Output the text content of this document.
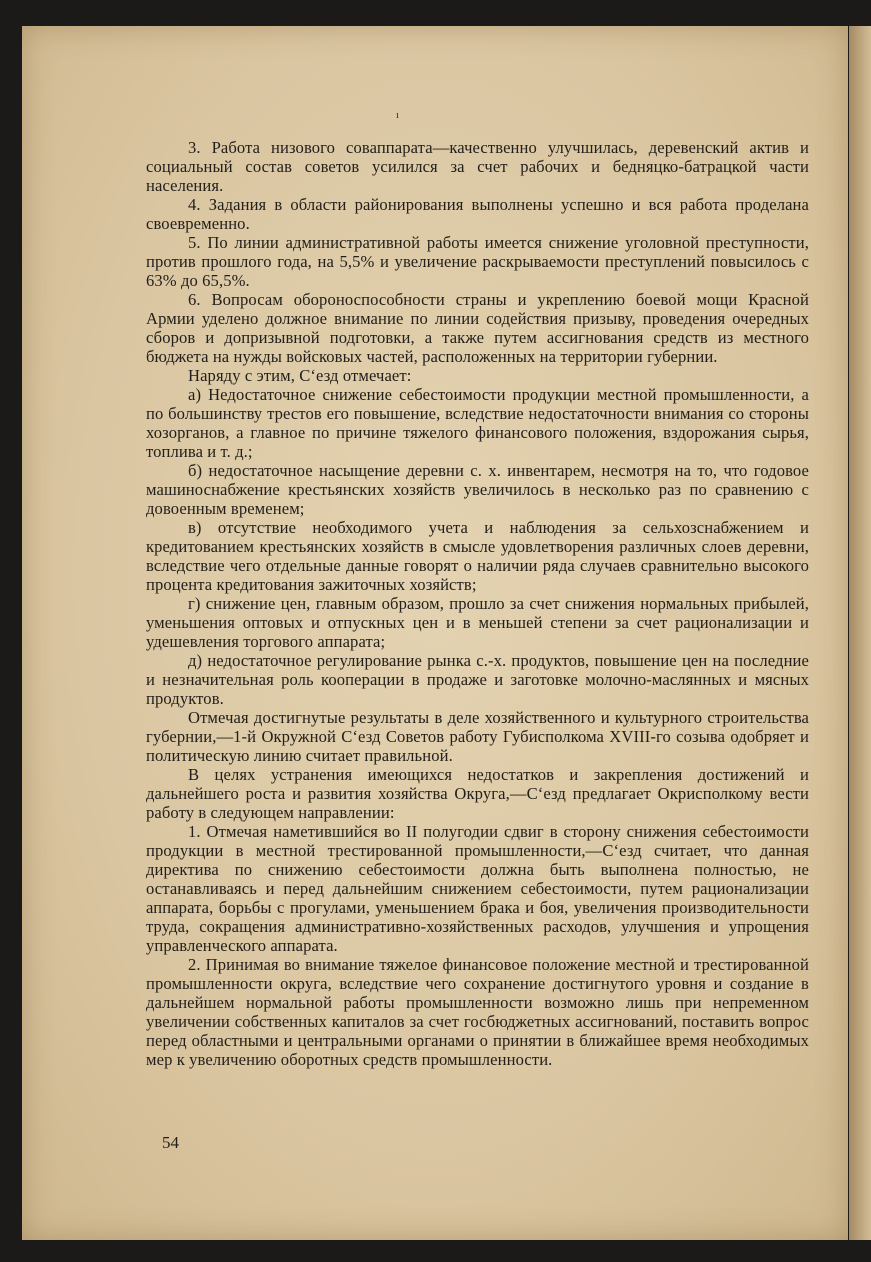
ı

3. Работа низового соваппарата—качественно улучшилась, деревенский актив и социальный состав советов усилился за счет рабочих и бедняцко-батрацкой части населения.

4. Задания в области районирования выполнены успешно и вся работа проделана своевременно.

5. По линии административной работы имеется снижение уголовной преступности, против прошлого года, на 5,5% и увеличение раскрываемости преступлений повысилось с 63% до 65,5%.

6. Вопросам обороноспособности страны и укреплению боевой мощи Красной Армии уделено должное внимание по линии содействия призыву, проведения очередных сборов и допризывной подготовки, а также путем ассигнования средств из местного бюджета на нужды войсковых частей, расположенных на территории губернии.

Наряду с этим, С‘езд отмечает:

а) Недостаточное снижение себестоимости продукции местной промышленности, а по большинству трестов его повышение, вследствие недостаточности внимания со стороны хозорганов, а главное по причине тяжелого финансового положения, вздорожания сырья, топлива и т. д.;

б) недостаточное насыщение деревни с. х. инвентарем, несмотря на то, что годовое машиноснабжение крестьянских хозяйств увеличилось в несколько раз по сравнению с довоенным временем;

в) отсутствие необходимого учета и наблюдения за сельхозснабжением и кредитованием крестьянских хозяйств в смысле удовлетворения различных слоев деревни, вследствие чего отдельные данные говорят о наличии ряда случаев сравнительно высокого процента кредитования зажиточных хозяйств;

г) снижение цен, главным образом, прошло за счет снижения нормальных прибылей, уменьшения оптовых и отпускных цен и в меньшей степени за счет рационализации и удешевления торгового аппарата;

д) недостаточное регулирование рынка с.-х. продуктов, повышение цен на последние и незначительная роль кооперации в продаже и заготовке молочно-маслянных и мясных продуктов.

Отмечая достигнутые результаты в деле хозяйственного и культурного строительства губернии,—1-й Окружной С‘езд Советов работу Губисполкома XVIII-го созыва одобряет и политическую линию считает правильной.

В целях устранения имеющихся недостатков и закрепления достижений и дальнейшего роста и развития хозяйства Округа,—С‘езд предлагает Окрисполкому вести работу в следующем направлении:

1. Отмечая наметившийся во II полугодии сдвиг в сторону снижения себестоимости продукции в местной трестированной промышленности,—С‘езд считает, что данная директива по снижению себестоимости должна быть выполнена полностью, не останавливаясь и перед дальнейшим снижением себестоимости, путем рационализации аппарата, борьбы с прогулами, уменьшением брака и боя, увеличения производительности труда, сокращения административно-хозяйственных расходов, улучшения и упрощения управленческого аппарата.

2. Принимая во внимание тяжелое финансовое положение местной и трестированной промышленности округа, вследствие чего сохранение достигнутого уровня и создание в дальнейшем нормальной работы промышленности возможно лишь при непременном увеличении собственных капиталов за счет госбюджетных ассигнований, поставить вопрос перед областными и центральными органами о принятии в ближайшее время необходимых мер к увеличению оборотных средств промышленности.

54
